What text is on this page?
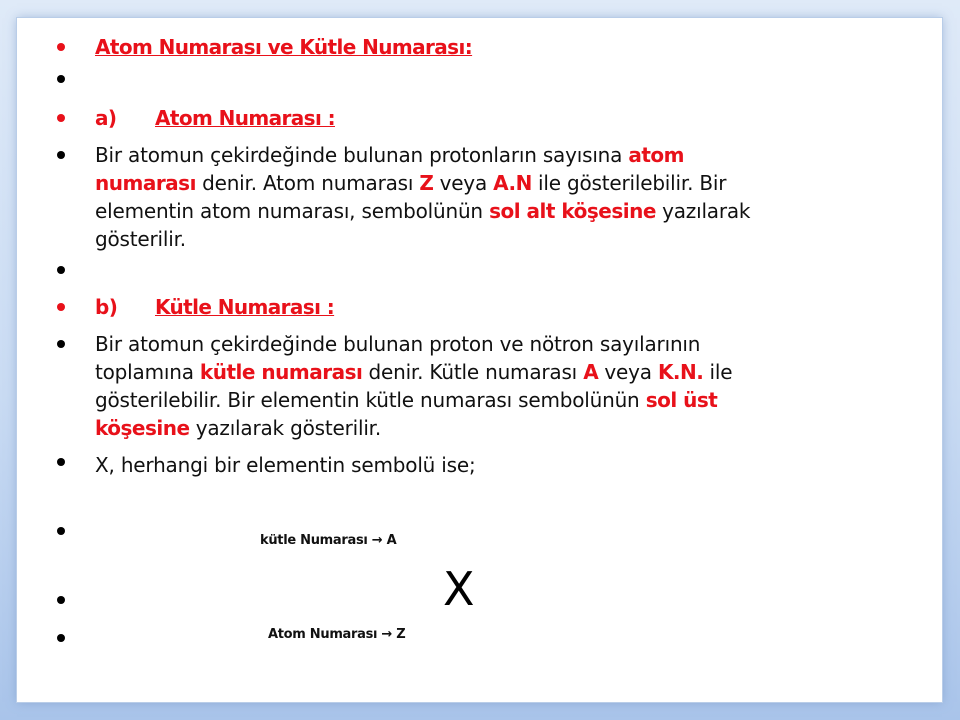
Atom Numarası ve Kütle Numarası:

a) Atom Numarası :

Bir atomun çekirdeğinde bulunan protonların sayısına atom

numarası denir. Atom numarası Z veya A.N ile gösterilebilir. Bir

elementin atom numarası, sembolünün sol alt köşesine yazılarak

gösterilir.

b) Kütle Numarası :

Bir atomun çekirdeğinde bulunan proton ve nötron sayılarının

toplamına kütle numarası denir. Kütle numarası A veya K.N. ile

gösterilebilir. Bir elementin kütle numarası sembolünün sol üst

köşesine yazılarak gösterilir.

X, herhangi bir elementin sembolü ise;

kütle Numarası → A
X
Atom Numarası → Z
